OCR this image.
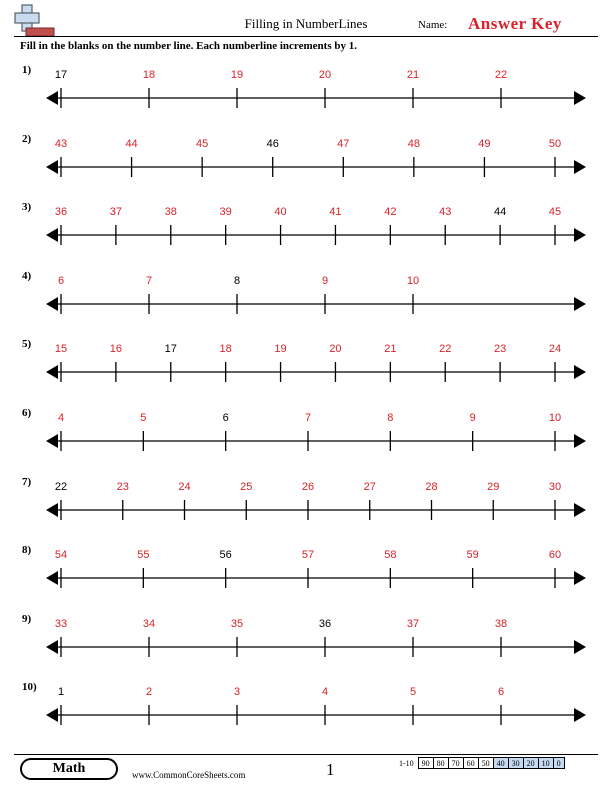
Filling in NumberLines	Name: Answer Key
Fill in the blanks on the number line. Each numberline increments by 1.
1) 17	18	19	20	21	22
2) 43	44	45	46	47	48	49	50
3) 36	37	38	39	40	41	42	43	44	45
4) 6	7	8	9	10
5) 15	16	17	18	19	20	21	22	23	24
6) 4	5	6	7	8	9	10
7) 22	23	24	25	26	27	28	29	30
8) 54	55	56	57	58	59	60
9) 33	34	35	36	37	38
10) 1	2	3	4	5	6
Math	www.CommonCoreSheets.com	1	1-10	90	80	70	60	50	40	30	20	10	0
